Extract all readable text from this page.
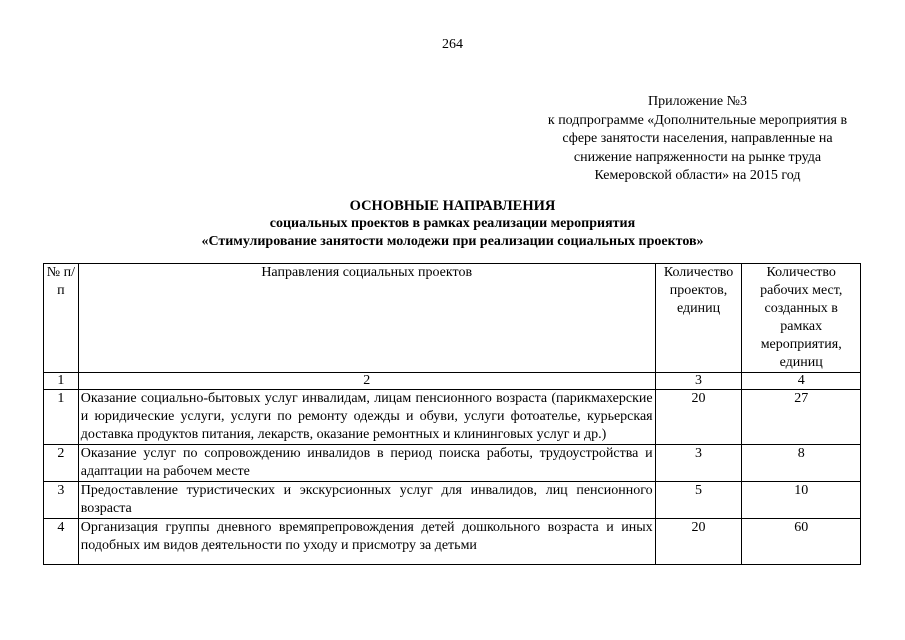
264
Приложение №3
к подпрограмме «Дополнительные мероприятия в
сфере занятости населения, направленные на
снижение напряженности на рынке труда
Кемеровской области» на 2015 год
ОСНОВНЫЕ НАПРАВЛЕНИЯ
социальных проектов в рамках реализации мероприятия
«Стимулирование занятости молодежи при реализации социальных проектов»
№ п/п	Направления социальных проектов	Количество проектов, единиц	Количество рабочих мест, созданных в рамках мероприятия, единиц
1	2	3	4
1	Оказание социально-бытовых услуг инвалидам, лицам пенсионного возраста (парикмахерские и юридические услуги, услуги по ремонту одежды и обуви, услуги фотоателье, курьерская доставка продуктов питания, лекарств, оказание ремонтных и клининговых услуг и др.)	20	27
2	Оказание услуг по сопровождению инвалидов в период поиска работы, трудоустройства и адаптации на рабочем месте	3	8
3	Предоставление туристических и экскурсионных услуг для инвалидов, лиц пенсионного возраста	5	10
4	Организация группы дневного времяпрепровождения детей дошкольного возраста и иных подобных им видов деятельности по уходу и присмотру за детьми	20	60
